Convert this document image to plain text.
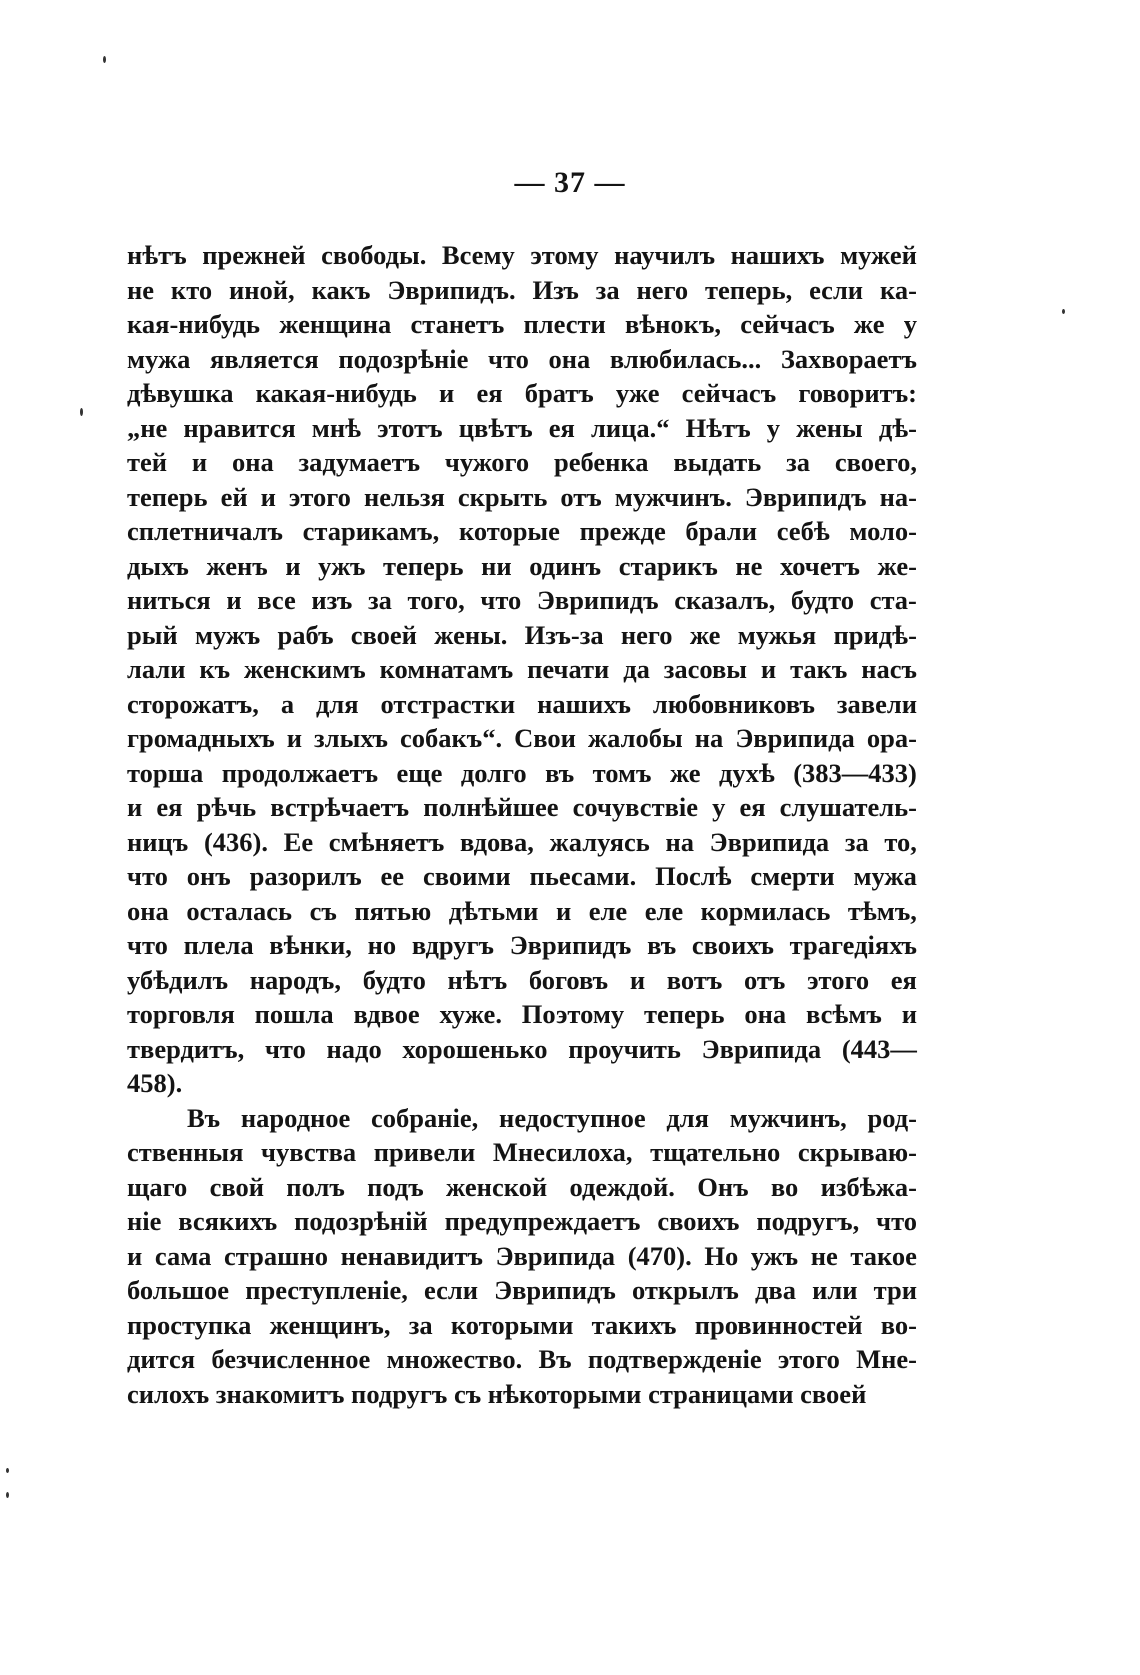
— 37 —
нѣтъ прежней свободы. Всему этому научилъ нашихъ мужей
не кто иной, какъ Эврипидъ. Изъ за него теперь, если ка-
кая-нибудь женщина станетъ плести вѣнокъ, сейчасъ же у
мужа является подозрѣніе что она влюбилась... Захвораетъ
дѣвушка какая-нибудь и ея братъ уже сейчасъ говоритъ:
„не нравится мнѣ этотъ цвѣтъ ея лица.“ Нѣтъ у жены дѣ-
тей и она задумаетъ чужого ребенка выдать за своего,
теперь ей и этого нельзя скрыть отъ мужчинъ. Эврипидъ на-
сплетничалъ старикамъ, которые прежде брали себѣ моло-
дыхъ женъ и ужъ теперь ни одинъ старикъ не хочетъ же-
ниться и все изъ за того, что Эврипидъ сказалъ, будто ста-
рый мужъ рабъ своей жены. Изъ-за него же мужья придѣ-
лали къ женскимъ комнатамъ печати да засовы и такъ насъ
сторожатъ, а для отстрастки нашихъ любовниковъ завели
громадныхъ и злыхъ собакъ“. Свои жалобы на Эврипида ора-
торша продолжаетъ еще долго въ томъ же духѣ (383—433)
и ея рѣчь встрѣчаетъ полнѣйшее сочувствіе у ея слушатель-
ницъ (436). Ее смѣняетъ вдова, жалуясь на Эврипида за то,
что онъ разорилъ ее своими пьесами. Послѣ смерти мужа
она осталась съ пятью дѣтьми и еле еле кормилась тѣмъ,
что плела вѣнки, но вдругъ Эврипидъ въ своихъ трагедіяхъ
убѣдилъ народъ, будто нѣтъ боговъ и вотъ отъ этого ея
торговля пошла вдвое хуже. Поэтому теперь она всѣмъ и
твердитъ, что надо хорошенько проучить Эврипида (443—
458).
Въ народное собраніе, недоступное для мужчинъ, род-
ственныя чувства привели Мнесилоха, тщательно скрываю-
щаго свой полъ подъ женской одеждой. Онъ во избѣжа-
ніе всякихъ подозрѣній предупреждаетъ своихъ подругъ, что
и сама страшно ненавидитъ Эврипида (470). Но ужъ не такое
большое преступленіе, если Эврипидъ открылъ два или три
проступка женщинъ, за которыми такихъ провинностей во-
дится безчисленное множество. Въ подтвержденіе этого Мне-
силохъ знакомитъ подругъ съ нѣкоторыми страницами своей
